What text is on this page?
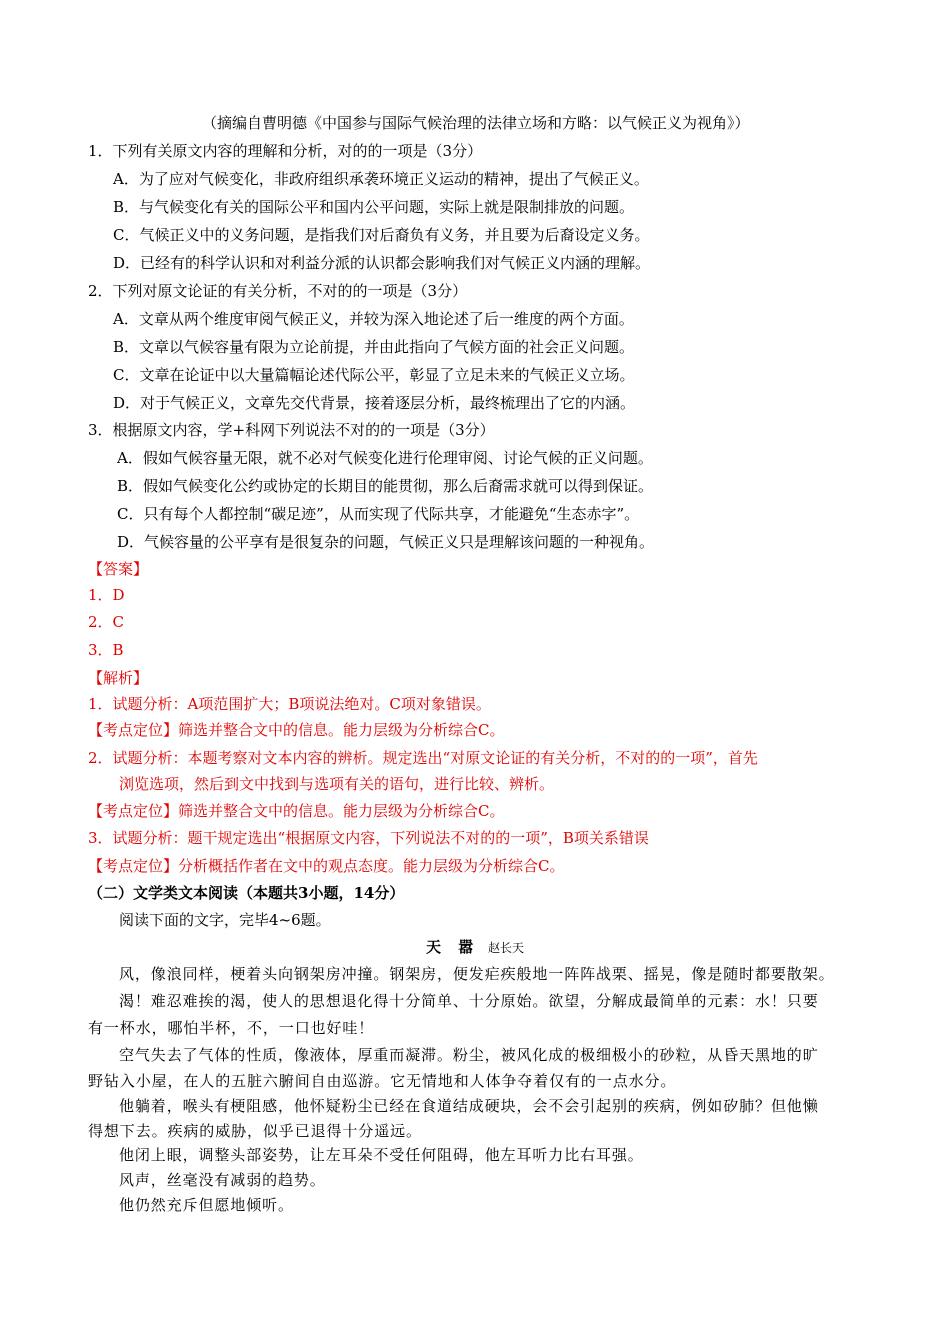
（摘编自曹明德《中国参与国际气候治理的法律立场和方略：以气候正义为视角》）
1．下列有关原文内容的理解和分析，对的的一项是（3分）
A．为了应对气候变化，非政府组织承袭环境正义运动的精神，提出了气候正义。
B．与气候变化有关的国际公平和国内公平问题，实际上就是限制排放的问题。
C．气候正义中的义务问题，是指我们对后裔负有义务，并且要为后裔设定义务。
D．已经有的科学认识和对利益分派的认识都会影响我们对气候正义内涵的理解。
2．下列对原文论证的有关分析，不对的的一项是（3分）
A．文章从两个维度审阅气候正义，并较为深入地论述了后一维度的两个方面。
B．文章以气候容量有限为立论前提，并由此指向了气候方面的社会正义问题。
C．文章在论证中以大量篇幅论述代际公平，彰显了立足未来的气候正义立场。
D．对于气候正义，文章先交代背景，接着逐层分析，最终梳理出了它的内涵。
3．根据原文内容，学+科网下列说法不对的的一项是（3分）
A．假如气候容量无限，就不必对气候变化进行伦理审阅、讨论气候的正义问题。
B．假如气候变化公约或协定的长期目的能贯彻，那么后裔需求就可以得到保证。
C．只有每个人都控制“碳足迹”，从而实现了代际共享，才能避免“生态赤字”。
D．气候容量的公平享有是很复杂的问题，气候正义只是理解该问题的一种视角。
【答案】
1．D
2．C
3．B
【解析】
1．试题分析：A项范围扩大；B项说法绝对。C项对象错误。
【考点定位】筛选并整合文中的信息。能力层级为分析综合C。
2．试题分析：本题考察对文本内容的辨析。规定选出“对原文论证的有关分析，不对的的一项”，首先
浏览选项，然后到文中找到与选项有关的语句，进行比较、辨析。
【考点定位】筛选并整合文中的信息。能力层级为分析综合C。
3．试题分析：题干规定选出“根据原文内容，下列说法不对的的一项”，B项关系错误
【考点定位】分析概括作者在文中的观点态度。能力层级为分析综合C。
（二）文学类文本阅读（本题共3小题，14分）
阅读下面的文字，完毕4~6题。
天 嚣 赵长天
风，像浪同样，梗着头向钢架房冲撞。钢架房，便发疟疾般地一阵阵战栗、摇晃，像是随时都要散架。
渴！难忍难挨的渴，使人的思想退化得十分简单、十分原始。欲望，分解成最简单的元素：水！只要
有一杯水，哪怕半杯，不，一口也好哇！
空气失去了气体的性质，像液体，厚重而凝滞。粉尘，被风化成的极细极小的砂粒，从昏天黑地的旷
野钻入小屋，在人的五脏六腑间自由巡游。它无情地和人体争夺着仅有的一点水分。
他躺着，喉头有梗阻感，他怀疑粉尘已经在食道结成硬块，会不会引起别的疾病，例如矽肺？但他懒
得想下去。疾病的威胁，似乎已退得十分遥远。
他闭上眼，调整头部姿势，让左耳朵不受任何阻碍，他左耳听力比右耳强。
风声，丝毫没有减弱的趋势。
他仍然充斥但愿地倾听。
